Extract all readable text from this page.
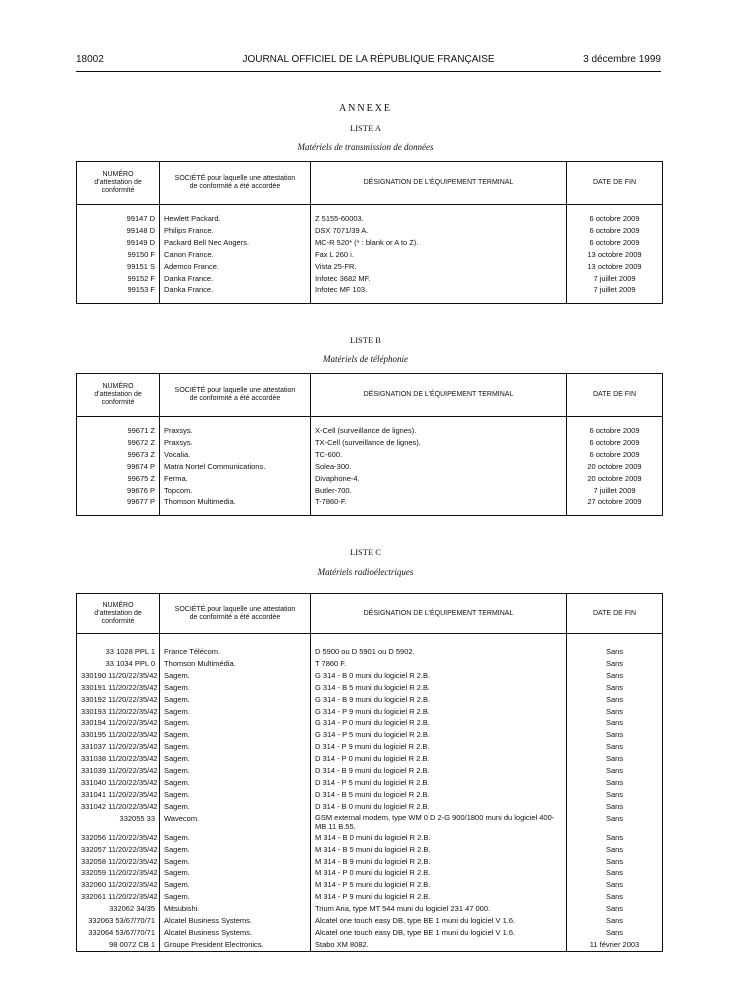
18002	JOURNAL OFFICIEL DE LA RÉPUBLIQUE FRANÇAISE	3 décembre 1999
ANNEXE
LISTE A
Matériels de transmission de données
NUMÉRO d’attestation de conformité	SOCIÉTÉ pour laquelle une attestation de conformité a été accordée	DÉSIGNATION DE L’ÉQUIPEMENT TERMINAL	DATE DE FIN

99147 D	Hewlett Packard.	Z 5155-60003.	6 octobre 2009
99148 D	Philips France.	DSX 7071/39 A.	6 octobre 2009
99149 D	Packard Bell Nec Angers.	MC-R 520* (* : blank or A to Z).	6 octobre 2009
99150 F	Canon France.	Fax L 260 i.	13 octobre 2009
99151 S	Ademco France.	Vista 25-FR.	13 octobre 2009
99152 F	Danka France.	Infotec 3682 MF.	7 juillet 2009
99153 F	Danka France.	Infotec MF 103.	7 juillet 2009

LISTE B
Matériels de téléphonie
NUMÉRO d’attestation de conformité	SOCIÉTÉ pour laquelle une attestation de conformité a été accordée	DÉSIGNATION DE L’ÉQUIPEMENT TERMINAL	DATE DE FIN

99671 Z	Praxsys.	X-Cell (surveillance de lignes).	6 octobre 2009
99672 Z	Praxsys.	TX-Cell (surveillance de lignes).	6 octobre 2009
99673 Z	Vocalia.	TC-600.	6 octobre 2009
99674 P	Matra Nortel Communications.	Solea-300.	20 octobre 2009
99675 Z	Ferma.	Divaphone-4.	20 octobre 2009
99676 P	Topcom.	Butler-700.	7 juillet 2009
99677 P	Thomson Multimedia.	T-7860-F.	27 octobre 2009

LISTE C
Matériels radioélectriques
NUMÉRO d’attestation de conformité	SOCIÉTÉ pour laquelle une attestation de conformité a été accordée	DÉSIGNATION DE L’ÉQUIPEMENT TERMINAL	DATE DE FIN

33 1028 PPL 1	France Télécom.	D 5900 ou D 5901 ou D 5902.	Sans
33 1034 PPL 0	Thomson Multimédia.	T 7860 F.	Sans
330190 11/20/22/35/42	Sagem.	G 314 - B 0 muni du logiciel R 2.B.	Sans
330191 11/20/22/35/42	Sagem.	G 314 - B 5 muni du logiciel R 2.B.	Sans
330192 11/20/22/35/42	Sagem.	G 314 - B 9 muni du logiciel R 2.B.	Sans
330193 11/20/22/35/42	Sagem.	G 314 - P 9 muni du logiciel R 2.B.	Sans
330194 11/20/22/35/42	Sagem.	G 314 - P 0 muni du logiciel R 2.B.	Sans
330195 11/20/22/35/42	Sagem.	G 314 - P 5 muni du logiciel R 2.B.	Sans
331037 11/20/22/35/42	Sagem.	D 314 - P 9 muni du logiciel R 2.B.	Sans
331038 11/20/22/35/42	Sagem.	D 314 - P 0 muni du logiciel R 2.B.	Sans
331039 11/20/22/35/42	Sagem.	D 314 - B 9 muni du logiciel R 2.B.	Sans
331040 11/20/22/35/42	Sagem.	D 314 - P 5 muni du logiciel R 2.B.	Sans
331041 11/20/22/35/42	Sagem.	D 314 - B 5 muni du logiciel R 2.B.	Sans
331042 11/20/22/35/42	Sagem.	D 314 - B 0 muni du logiciel R 2.B.	Sans
332055 33	Wavecom.	GSM external modem, type WM 0 D 2-G 900/1800 muni du logiciel 400-MB 11 B.55.	Sans
332056 11/20/22/35/42	Sagem.	M 314 - B 0 muni du logiciel R 2.B.	Sans
332057 11/20/22/35/42	Sagem.	M 314 - B 5 muni du logiciel R 2.B.	Sans
332058 11/20/22/35/42	Sagem.	M 314 - B 9 muni du logiciel R 2.B.	Sans
332059 11/20/22/35/42	Sagem.	M 314 - P 0 muni du logiciel R 2.B.	Sans
332060 11/20/22/35/42	Sagem.	M 314 - P 5 muni du logiciel R 2.B.	Sans
332061 11/20/22/35/42	Sagem.	M 314 - P 9 muni du logiciel R 2.B.	Sans
332062 34/35	Mitsubishi.	Trium Aria, type MT 544 muni du logiciel 231 47 000.	Sans
332063 53/67/70/71	Alcatel Business Systems.	Alcatel one touch easy DB, type BE 1 muni du logiciel V 1.6.	Sans
332064 53/67/70/71	Alcatel Business Systems.	Alcatel one touch easy DB, type BE 1 muni du logiciel V 1.6.	Sans
98 0072 CB 1	Groupe President Electronics.	Stabo XM 8082.	11 février 2003
